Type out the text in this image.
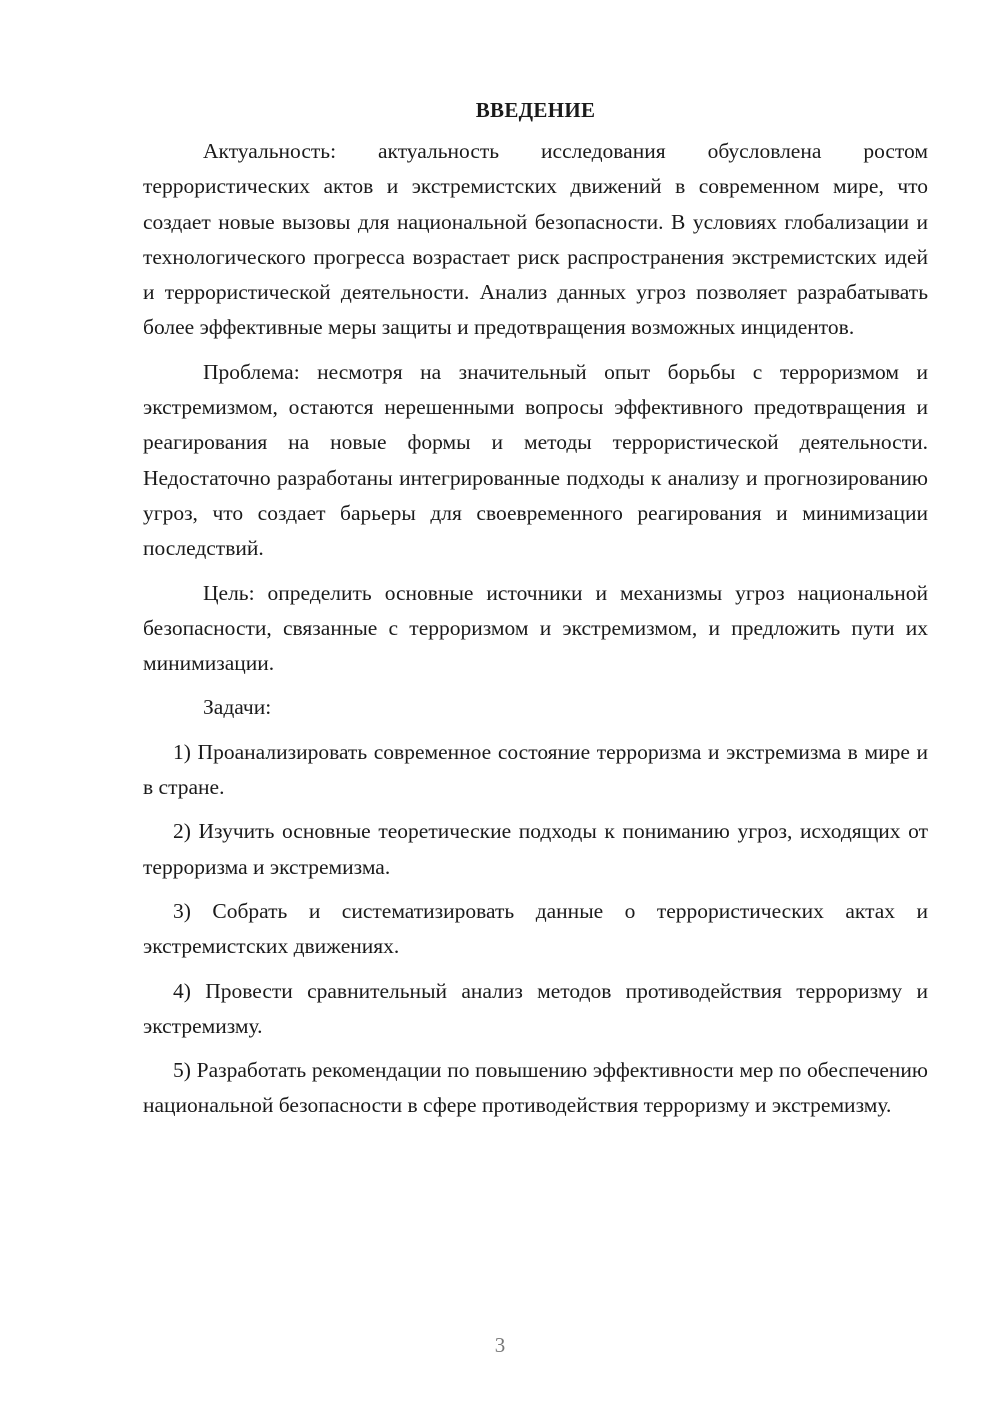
ВВЕДЕНИЕ

Актуальность: актуальность исследования обусловлена ростом террористических актов и экстремистских движений в современном мире, что создает новые вызовы для национальной безопасности. В условиях глобализации и технологического прогресса возрастает риск распространения экстремистских идей и террористической деятельности. Анализ данных угроз позволяет разрабатывать более эффективные меры защиты и предотвращения возможных инцидентов.

Проблема: несмотря на значительный опыт борьбы с терроризмом и экстремизмом, остаются нерешенными вопросы эффективного предотвращения и реагирования на новые формы и методы террористической деятельности. Недостаточно разработаны интегрированные подходы к анализу и прогнозированию угроз, что создает барьеры для своевременного реагирования и минимизации последствий.

Цель: определить основные источники и механизмы угроз национальной безопасности, связанные с терроризмом и экстремизмом, и предложить пути их минимизации.

Задачи:

1) Проанализировать современное состояние терроризма и экстремизма в мире и в стране.

2) Изучить основные теоретические подходы к пониманию угроз, исходящих от терроризма и экстремизма.

3) Собрать и систематизировать данные о террористических актах и экстремистских движениях.

4) Провести сравнительный анализ методов противодействия терроризму и экстремизму.

5) Разработать рекомендации по повышению эффективности мер по обеспечению национальной безопасности в сфере противодействия терроризму и экстремизму.

3
